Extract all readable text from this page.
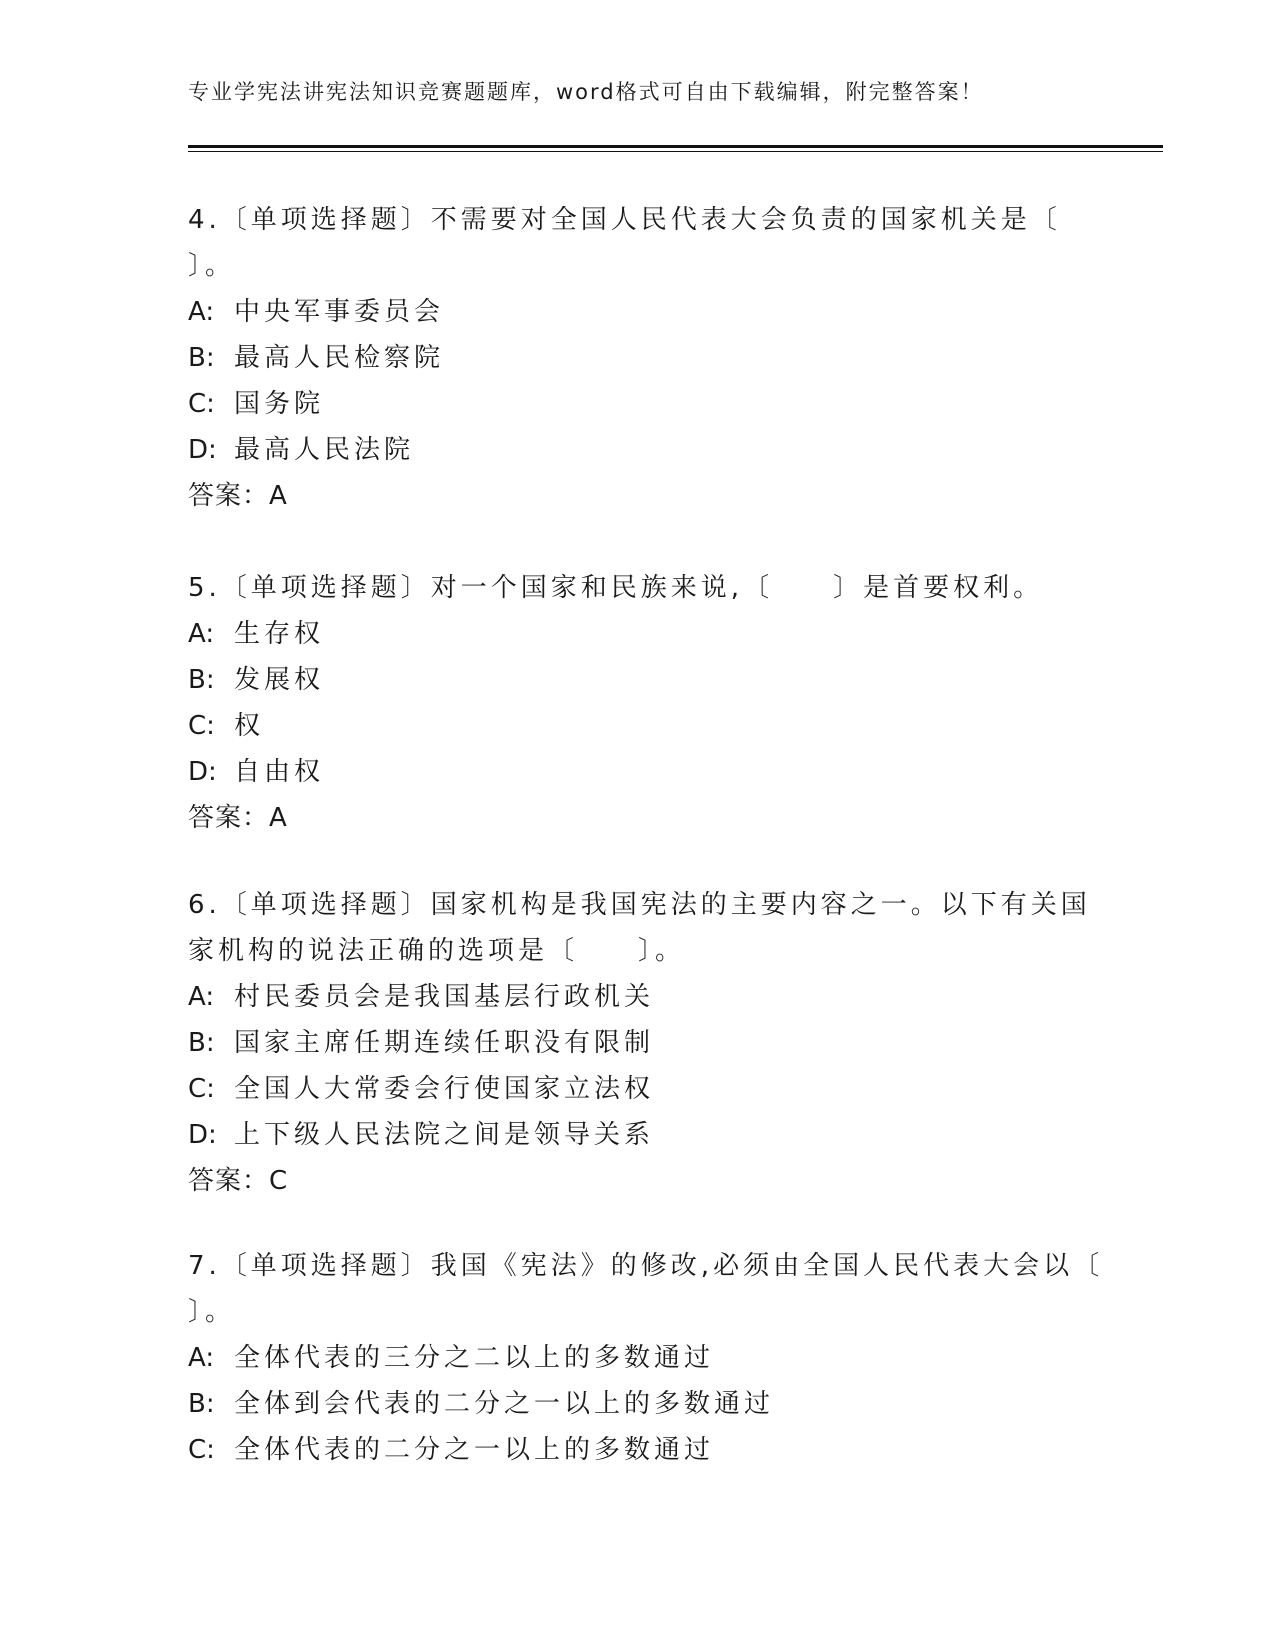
专业学宪法讲宪法知识竞赛题题库，word格式可自由下载编辑，附完整答案！
4.〔单项选择题〕不需要对全国人民代表大会负责的国家机关是〔
〕。
A: 中央军事委员会
B: 最高人民检察院
C: 国务院
D: 最高人民法院
答案：A
5.〔单项选择题〕对一个国家和民族来说,〔　　〕是首要权利。
A: 生存权
B: 发展权
C: 权
D: 自由权
答案：A
6.〔单项选择题〕国家机构是我国宪法的主要内容之一。以下有关国
家机构的说法正确的选项是〔　　〕。
A: 村民委员会是我国基层行政机关
B: 国家主席任期连续任职没有限制
C: 全国人大常委会行使国家立法权
D: 上下级人民法院之间是领导关系
答案：C
7.〔单项选择题〕我国《宪法》的修改,必须由全国人民代表大会以〔
〕。
A: 全体代表的三分之二以上的多数通过
B: 全体到会代表的二分之一以上的多数通过
C: 全体代表的二分之一以上的多数通过
